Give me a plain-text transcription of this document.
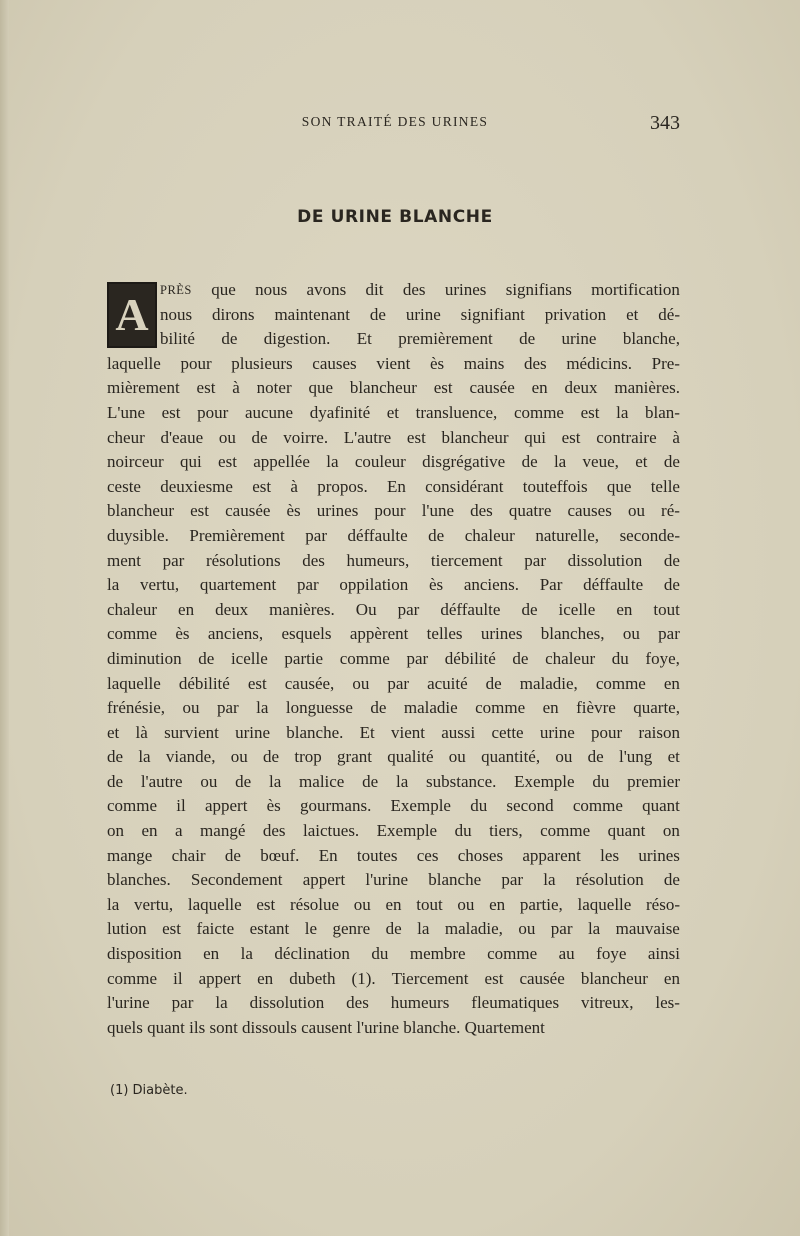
SON TRAITÉ DES URINES	343
DE URINE BLANCHE
A PRÈS que nous avons dit des urines signifians mortification
nous dirons maintenant de urine signifiant privation et dé-
bilité de digestion. Et premièrement de urine blanche,
laquelle pour plusieurs causes vient ès mains des médicins. Pre-
mièrement est à noter que blancheur est causée en deux manières.
L'une est pour aucune dyafinité et transluence, comme est la blan-
cheur d'eaue ou de voirre. L'autre est blancheur qui est contraire à
noirceur qui est appellée la couleur disgrégative de la veue, et de
ceste deuxiesme est à propos. En considérant touteffois que telle
blancheur est causée ès urines pour l'une des quatre causes ou ré-
duysible. Premièrement par déffaulte de chaleur naturelle, seconde-
ment par résolutions des humeurs, tiercement par dissolution de
la vertu, quartement par oppilation ès anciens. Par déffaulte de
chaleur en deux manières. Ou par déffaulte de icelle en tout
comme ès anciens, esquels appèrent telles urines blanches, ou par
diminution de icelle partie comme par débilité de chaleur du foye,
laquelle débilité est causée, ou par acuité de maladie, comme en
frénésie, ou par la longuesse de maladie comme en fièvre quarte,
et là survient urine blanche. Et vient aussi cette urine pour raison
de la viande, ou de trop grant qualité ou quantité, ou de l'ung et
de l'autre ou de la malice de la substance. Exemple du premier
comme il appert ès gourmans. Exemple du second comme quant
on en a mangé des laictues. Exemple du tiers, comme quant on
mange chair de bœuf. En toutes ces choses apparent les urines
blanches. Secondement appert l'urine blanche par la résolution de
la vertu, laquelle est résolue ou en tout ou en partie, laquelle réso-
lution est faicte estant le genre de la maladie, ou par la mauvaise
disposition en la déclination du membre comme au foye ainsi
comme il appert en dubeth (1). Tiercement est causée blancheur en
l'urine par la dissolution des humeurs fleumatiques vitreux, les-
quels quant ils sont dissouls causent l'urine blanche. Quartement
(1) Diabète.
